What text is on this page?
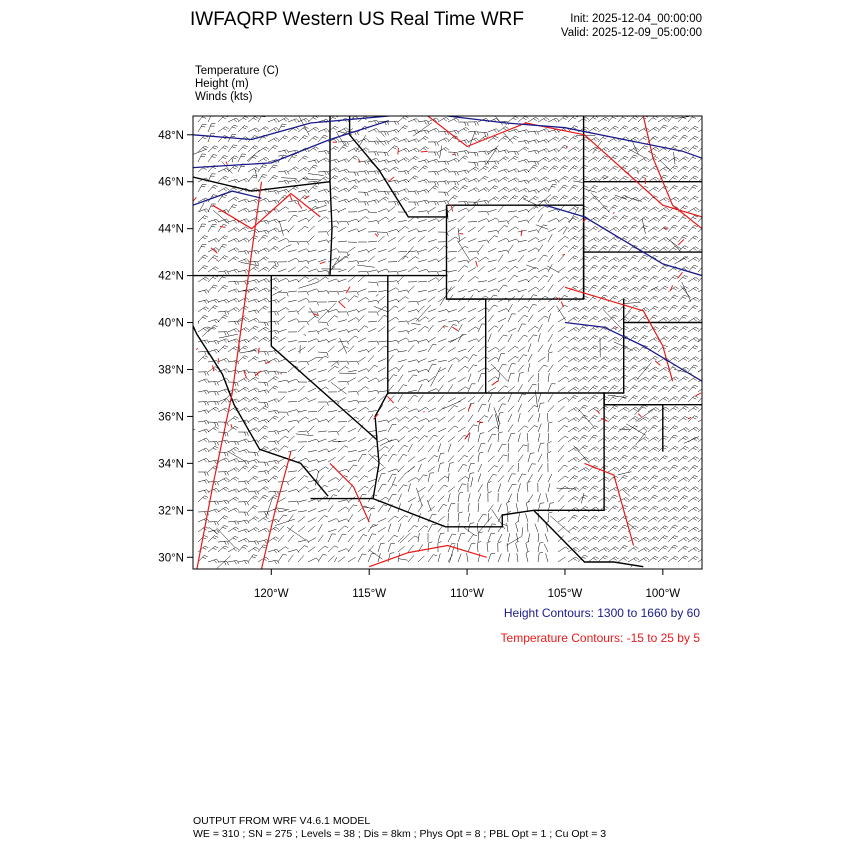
IWFAQRP Western US Real Time WRF	Init: 2025-12-04_00:00:00
Valid: 2025-12-09_05:00:00
Temperature (C)
Height (m)
Winds (kts)
48°N
46°N
44°N
42°N
40°N
38°N
36°N
34°N
32°N
30°N
120°W	115°W	110°W	105°W	100°W
Height Contours: 1300 to 1660 by 60
Temperature Contours: -15 to 25 by 5
OUTPUT FROM WRF V4.6.1 MODEL
WE = 310 ; SN = 275 ; Levels = 38 ; Dis = 8km ; Phys Opt = 8 ; PBL Opt = 1 ; Cu Opt = 3
